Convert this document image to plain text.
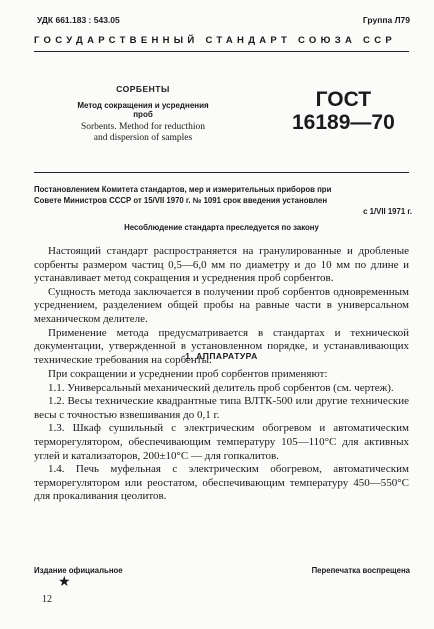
УДК 661.183 : 543.05	Группа Л79
ГОСУДАРСТВЕННЫЙ СТАНДАРТ СОЮЗА ССР
СОРБЕНТЫ
Метод сокращения и усреднения проб
Sorbents. Method for reducthion
and dispersion of samples
ГОСТ
16189—70
Постановлением Комитета стандартов, мер и измерительных приборов при
Совете Министров СССР от 15/VII 1970 г. № 1091 срок введения установлен
с 1/VII 1971 г.
Несоблюдение стандарта преследуется по закону

Настоящий стандарт распространяется на гранулированные и дробленые сорбенты размером частиц 0,5—6,0 мм по диаметру и до 10 мм по длине и устанавливает метод сокращения и усреднения проб сорбентов.

Сущность метода заключается в получении проб сорбентов одновременным усреднением, разделением общей пробы на равные части в универсальном механическом делителе.

Применение метода предусматривается в стандартах и технической документации, утвержденной в установленном порядке, и устанавливающих технические требования на сорбенты.

1. АППАРАТУРА

При сокращении и усреднении проб сорбентов применяют:

1.1. Универсальный механический делитель проб сорбентов (см. чертеж).

1.2. Весы технические квадрантные типа ВЛТК-500 или другие технические весы с точностью взвешивания до 0,1 г.

1.3. Шкаф сушильный с электрическим обогревом и автоматическим терморегулятором, обеспечивающим температуру 105—110°С для активных углей и катализаторов, 200±10°С — для гопкалитов.

1.4. Печь муфельная с электрическим обогревом, автоматическим терморегулятором или реостатом, обеспечивающим температуру 450—550°С для прокаливания цеолитов.

Издание официальное	Перепечатка воспрещена
★
12
